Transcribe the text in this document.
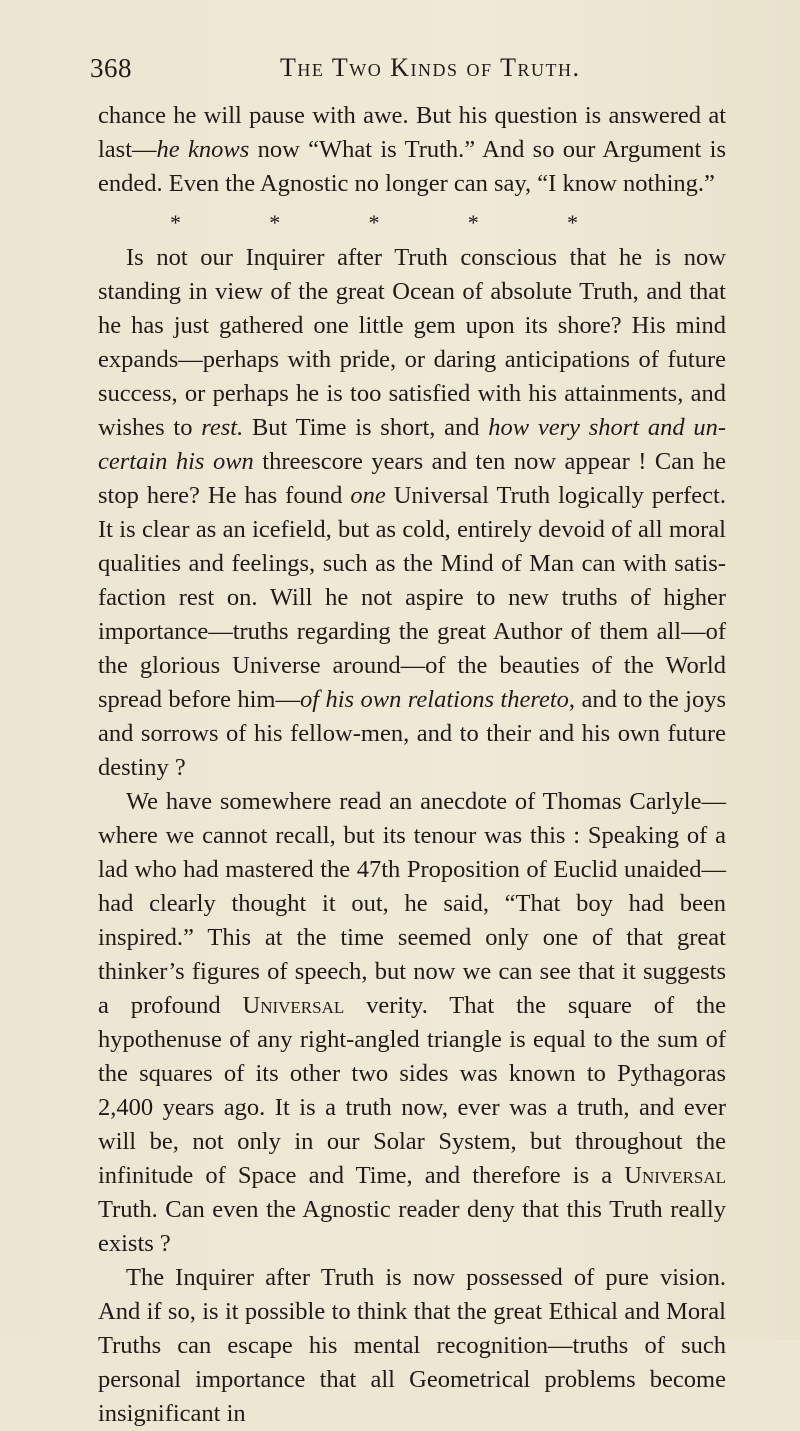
368	The Two Kinds of Truth.

chance he will pause with awe. But his question is answered at last—he knows now “What is Truth.” And so our Argument is ended. Even the Agnostic no longer can say, “I know nothing.”

*	*	*	*	*

Is not our Inquirer after Truth conscious that he is now standing in view of the great Ocean of absolute Truth, and that he has just gathered one little gem upon its shore? His mind expands—perhaps with pride, or daring anticipations of future success, or perhaps he is too satisfied with his attainments, and wishes to rest. But Time is short, and how very short and un-certain his own threescore years and ten now appear ! Can he stop here? He has found one Universal Truth logically perfect. It is clear as an icefield, but as cold, entirely devoid of all moral qualities and feelings, such as the Mind of Man can with satis-faction rest on. Will he not aspire to new truths of higher importance—truths regarding the great Author of them all—of the glorious Universe around—of the beauties of the World spread before him—of his own relations thereto, and to the joys and sorrows of his fellow-men, and to their and his own future destiny ?

We have somewhere read an anecdote of Thomas Carlyle—where we cannot recall, but its tenour was this : Speaking of a lad who had mastered the 47th Proposition of Euclid unaided—had clearly thought it out, he said, “That boy had been inspired.” This at the time seemed only one of that great thinker’s figures of speech, but now we can see that it suggests a profound Universal verity. That the square of the hypothenuse of any right-angled triangle is equal to the sum of the squares of its other two sides was known to Pythagoras 2,400 years ago. It is a truth now, ever was a truth, and ever will be, not only in our Solar System, but throughout the infinitude of Space and Time, and therefore is a Universal Truth. Can even the Agnostic reader deny that this Truth really exists ?

The Inquirer after Truth is now possessed of pure vision. And if so, is it possible to think that the great Ethical and Moral Truths can escape his mental recognition—truths of such personal importance that all Geometrical problems become insignificant in
